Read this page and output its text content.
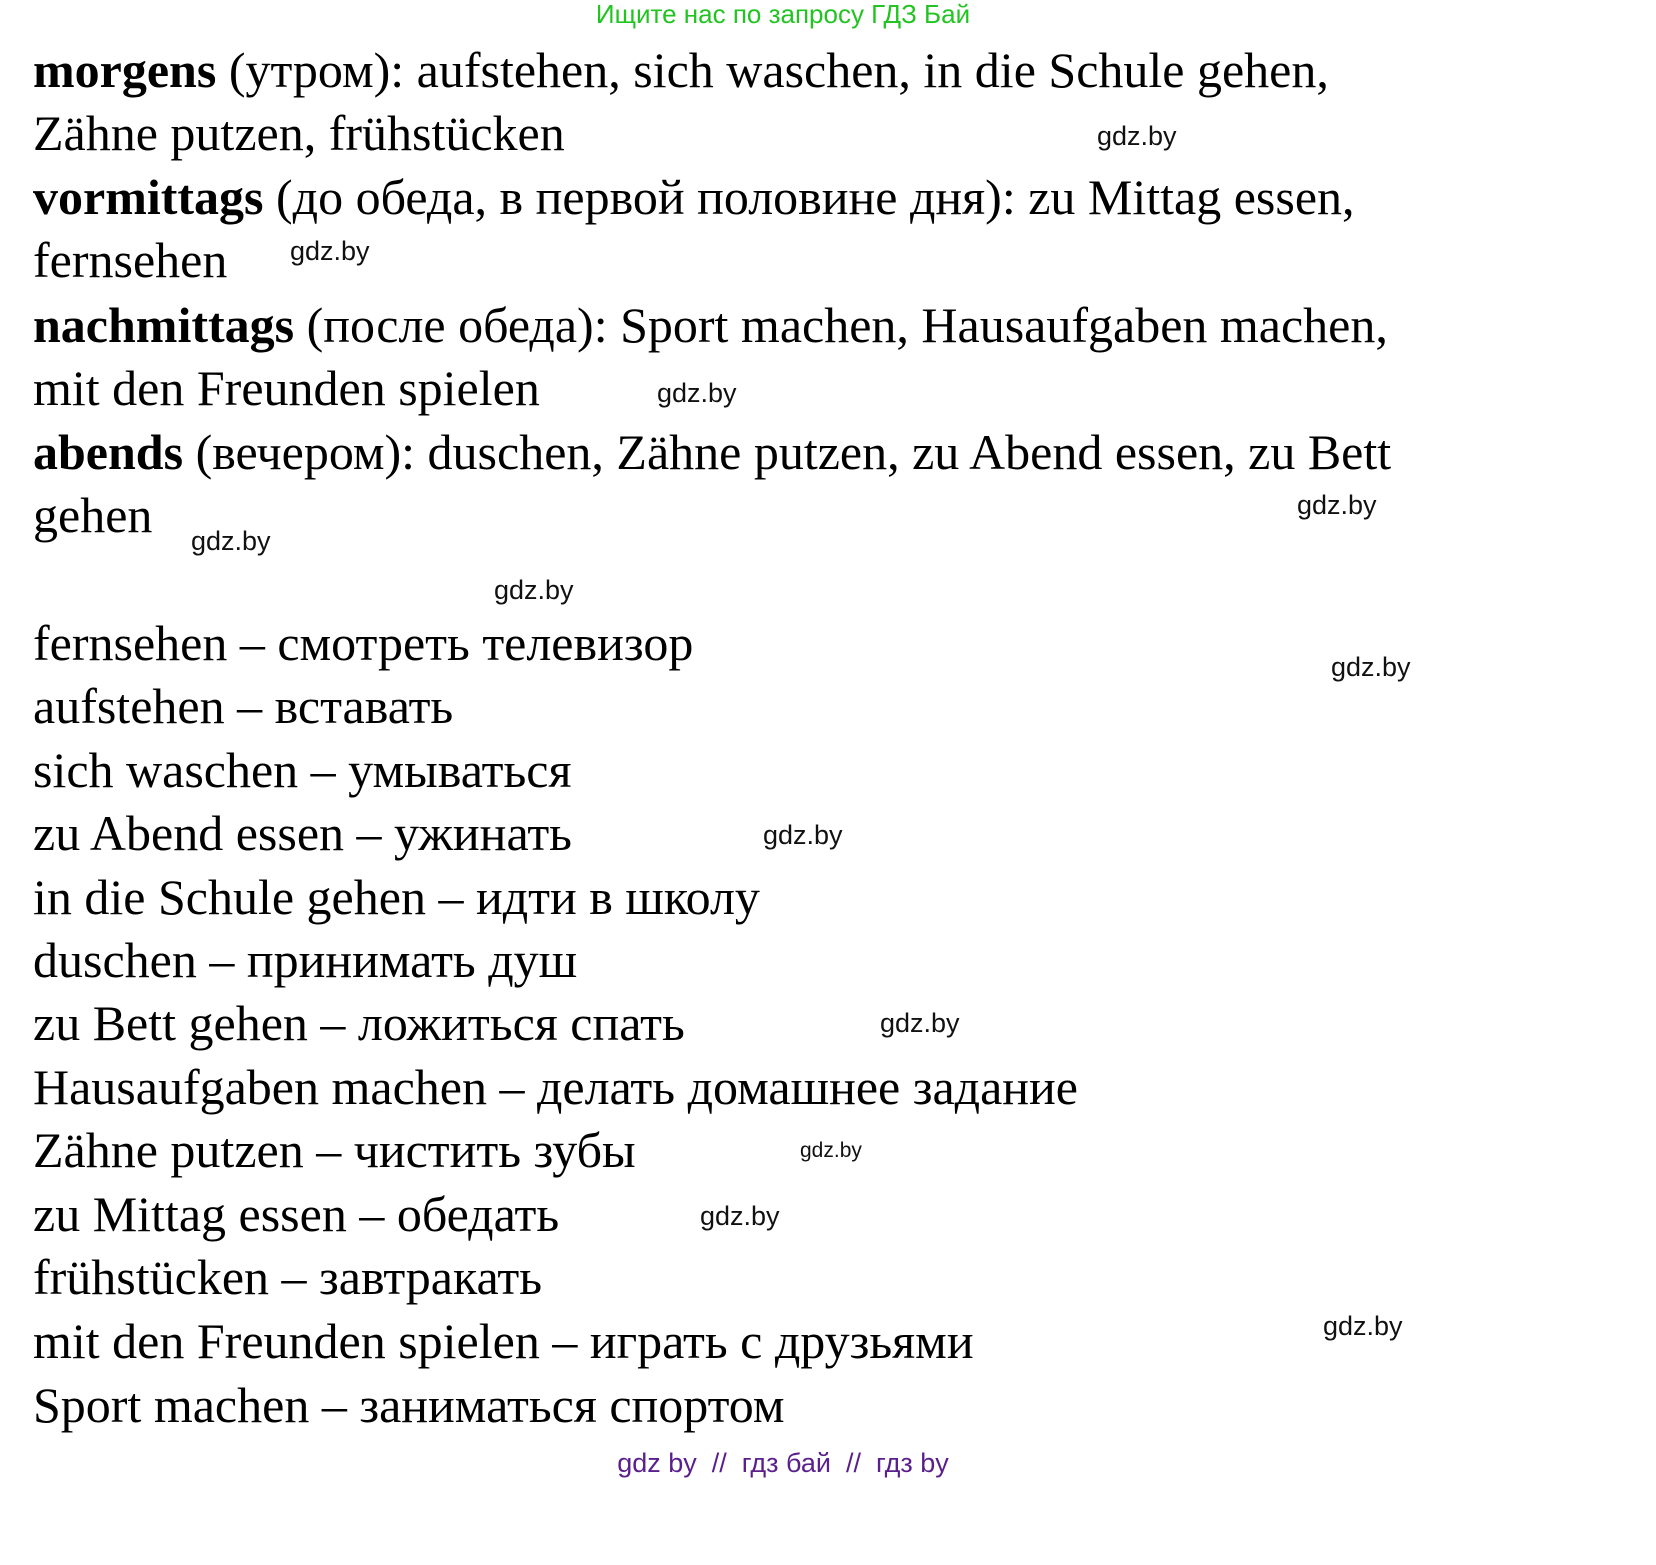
Ищите нас по запросу ГДЗ Бай
morgens (утром): aufstehen, sich waschen, in die Schule gehen,
Zähne putzen, frühstücken
vormittags (до обеда, в первой половине дня): zu Mittag essen,
fernsehen
nachmittags (после обеда): Sport machen, Hausaufgaben machen,
mit den Freunden spielen
abends (вечером): duschen, Zähne putzen, zu Abend essen, zu Bett
gehen
fernsehen – смотреть телевизор
aufstehen – вставать
sich waschen – умываться
zu Abend essen – ужинать
in die Schule gehen – идти в школу
duschen – принимать душ
zu Bett gehen – ложиться спать
Hausaufgaben machen – делать домашнее задание
Zähne putzen – чистить зубы
zu Mittag essen – обедать
frühstücken – завтракать
mit den Freunden spielen – играть с друзьями
Sport machen – заниматься спортом
gdz.by
gdz.by
gdz.by
gdz.by
gdz.by
gdz.by
gdz.by
gdz.by
gdz.by
gdz.by
gdz.by
gdz.by
gdz by  //  гдз бай  //  гдз by
